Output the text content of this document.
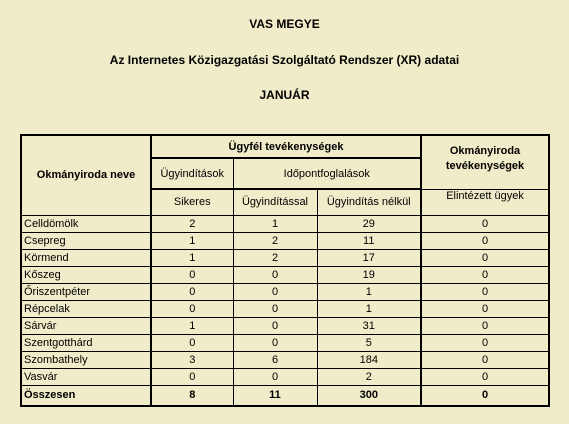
VAS MEGYE
Az Internetes Közigazgatási Szolgáltató Rendszer (XR) adatai
JANUÁR
Okmányiroda neve	Ügyfél tevékenységek			Okmányiroda tevékenységek
	Ügyindítások	Időpontfoglalások		
	Sikeres	Ügyindítással	Ügyindítás nélkül	Elintézett ügyek
Celldömölk	2	1	29	0
Csepreg	1	2	11	0
Körmend	1	2	17	0
Kőszeg	0	0	19	0
Őriszentpéter	0	0	1	0
Répcelak	0	0	1	0
Sárvár	1	0	31	0
Szentgotthárd	0	0	5	0
Szombathely	3	6	184	0
Vasvár	0	0	2	0
Összesen	8	11	300	0
